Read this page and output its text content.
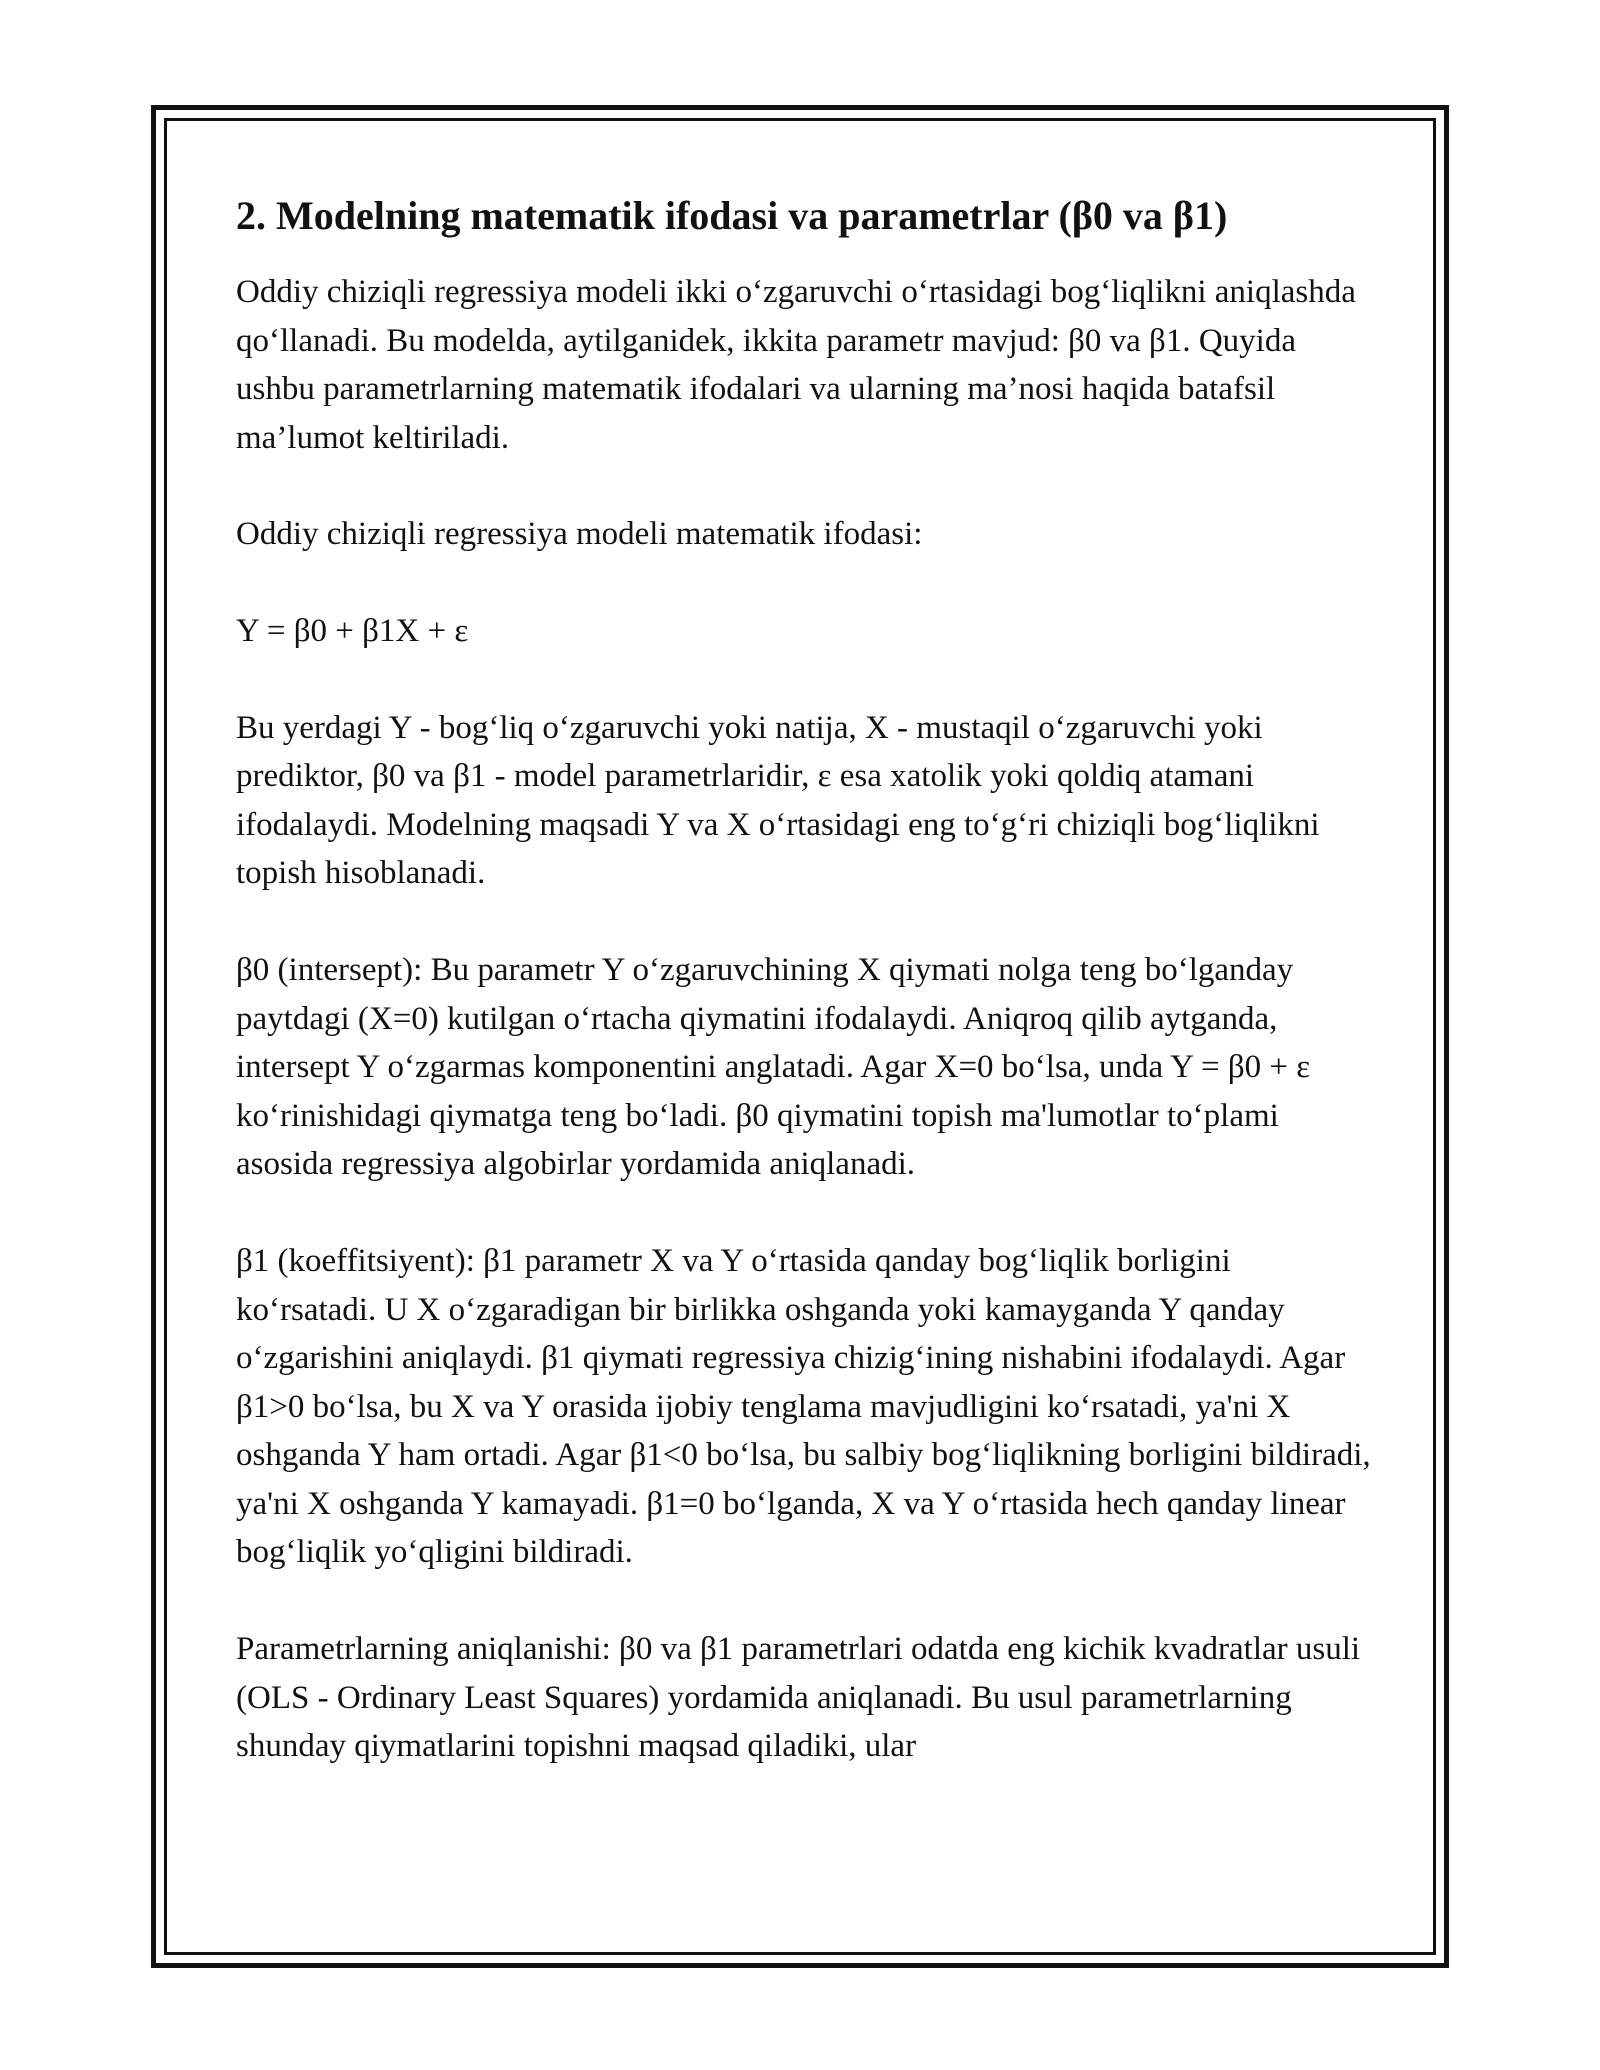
2. Modelning matematik ifodasi va parametrlar (β0 va β1)

Oddiy chiziqli regressiya modeli ikki o‘zgaruvchi o‘rtasidagi bog‘liqlikni aniqlashda qo‘llanadi. Bu modelda, aytilganidek, ikkita parametr mavjud: β0 va β1. Quyida ushbu parametrlarning matematik ifodalari va ularning ma’nosi haqida batafsil ma’lumot keltiriladi.

Oddiy chiziqli regressiya modeli matematik ifodasi:

Y = β0 + β1X + ε

Bu yerdagi Y - bog‘liq o‘zgaruvchi yoki natija, X - mustaqil o‘zgaruvchi yoki prediktor, β0 va β1 - model parametrlaridir, ε esa xatolik yoki qoldiq atamani ifodalaydi. Modelning maqsadi Y va X o‘rtasidagi eng to‘g‘ri chiziqli bog‘liqlikni topish hisoblanadi.

β0 (intersept): Bu parametr Y o‘zgaruvchining X qiymati nolga teng bo‘lganday paytdagi (X=0) kutilgan o‘rtacha qiymatini ifodalaydi. Aniqroq qilib aytganda, intersept Y o‘zgarmas komponentini anglatadi. Agar X=0 bo‘lsa, unda Y = β0 + ε ko‘rinishidagi qiymatga teng bo‘ladi. β0 qiymatini topish ma'lumotlar to‘plami asosida regressiya algobirlar yordamida aniqlanadi.

β1 (koeffitsiyent): β1 parametr X va Y o‘rtasida qanday bog‘liqlik borligini ko‘rsatadi. U X o‘zgaradigan bir birlikka oshganda yoki kamayganda Y qanday o‘zgarishini aniqlaydi. β1 qiymati regressiya chizig‘ining nishabini ifodalaydi. Agar β1>0 bo‘lsa, bu X va Y orasida ijobiy tenglama mavjudligini ko‘rsatadi, ya'ni X oshganda Y ham ortadi. Agar β1<0 bo‘lsa, bu salbiy bog‘liqlikning borligini bildiradi, ya'ni X oshganda Y kamayadi. β1=0 bo‘lganda, X va Y o‘rtasida hech qanday linear bog‘liqlik yo‘qligini bildiradi.

Parametrlarning aniqlanishi: β0 va β1 parametrlari odatda eng kichik kvadratlar usuli (OLS - Ordinary Least Squares) yordamida aniqlanadi. Bu usul parametrlarning shunday qiymatlarini topishni maqsad qiladiki, ular
